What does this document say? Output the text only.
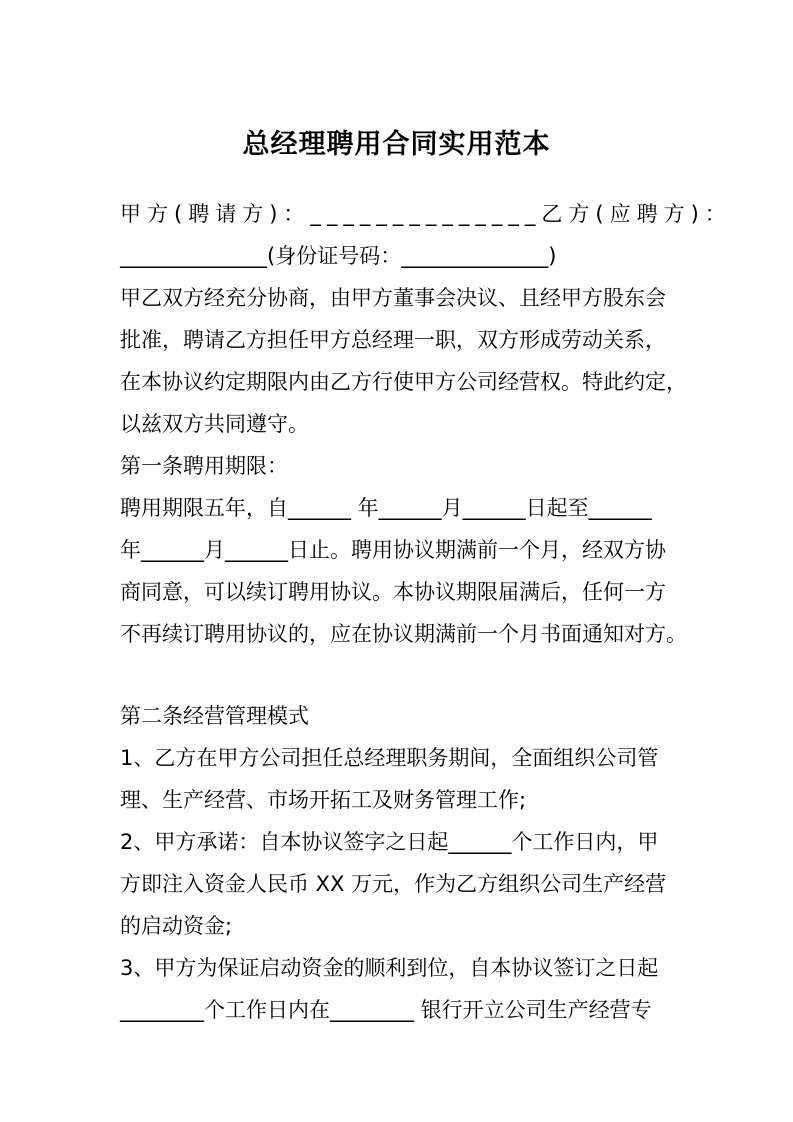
总经理聘用合同实用范本
甲方(聘请方)：______________乙方(应聘方)：
______________(身份证号码：______________)
甲乙双方经充分协商，由甲方董事会决议、且经甲方股东会
批准，聘请乙方担任甲方总经理一职，双方形成劳动关系，
在本协议约定期限内由乙方行使甲方公司经营权。特此约定，
以兹双方共同遵守。
第一条聘用期限：
聘用期限五年，自______ 年______月______日起至______
年______月______日止。聘用协议期满前一个月，经双方协
商同意，可以续订聘用协议。本协议期限届满后，任何一方
不再续订聘用协议的，应在协议期满前一个月书面通知对方。
第二条经营管理模式
1、乙方在甲方公司担任总经理职务期间，全面组织公司管
理、生产经营、市场开拓工及财务管理工作;
2、甲方承诺：自本协议签字之日起______个工作日内，甲
方即注入资金人民币 XX 万元，作为乙方组织公司生产经营
的启动资金;
3、甲方为保证启动资金的顺利到位，自本协议签订之日起
________个工作日内在________ 银行开立公司生产经营专
